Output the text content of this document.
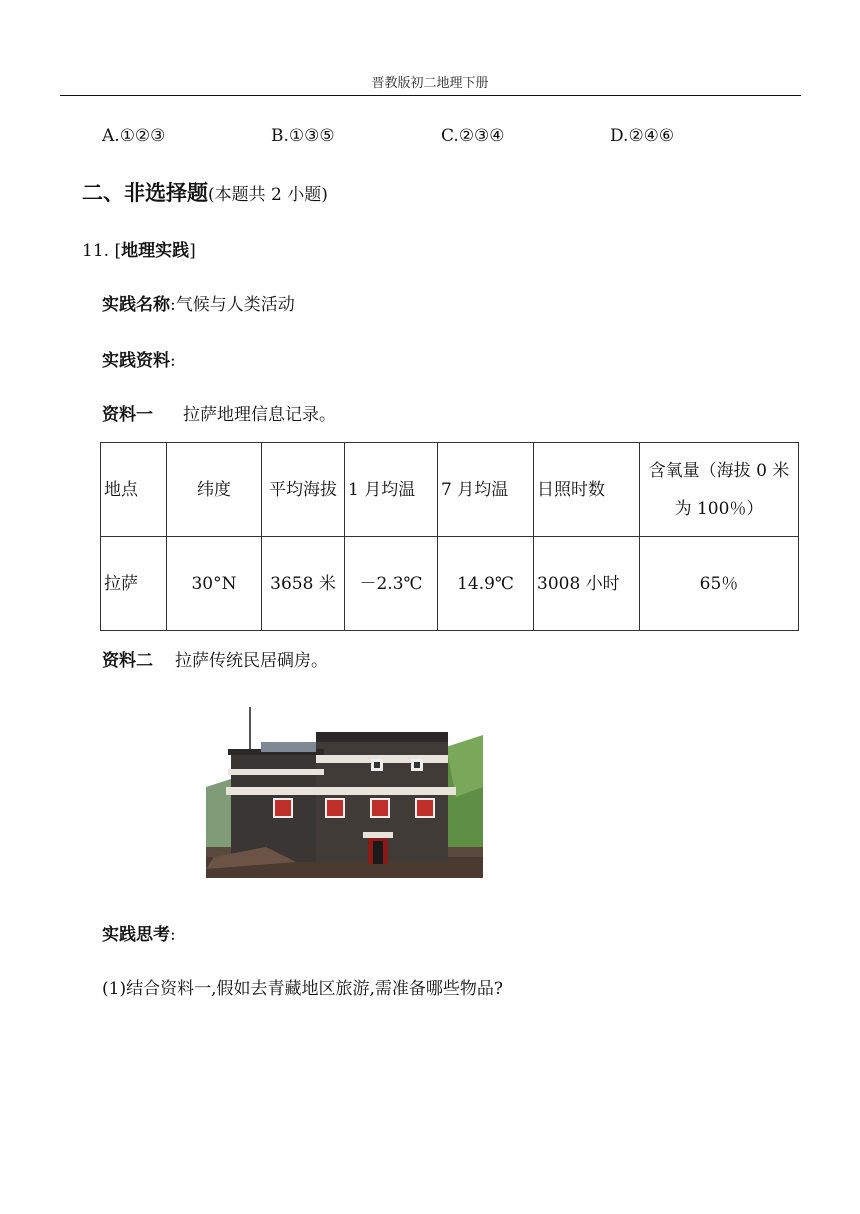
晋教版初二地理下册
A.①②③	B.①③⑤	C.②③④	D.②④⑥
二、非选择题(本题共 2 小题)
11. [地理实践]
实践名称:气候与人类活动
实践资料:
资料一 拉萨地理信息记录。
地点	纬度	平均海拔	1 月均温	7 月均温	日照时数	含氧量（海拔 0 米为 100％）
拉萨	30°N	3658 米	－2.3℃	14.9℃	3008 小时	65％
资料二 拉萨传统民居碉房。
实践思考:
(1)结合资料一,假如去青藏地区旅游,需准备哪些物品?
